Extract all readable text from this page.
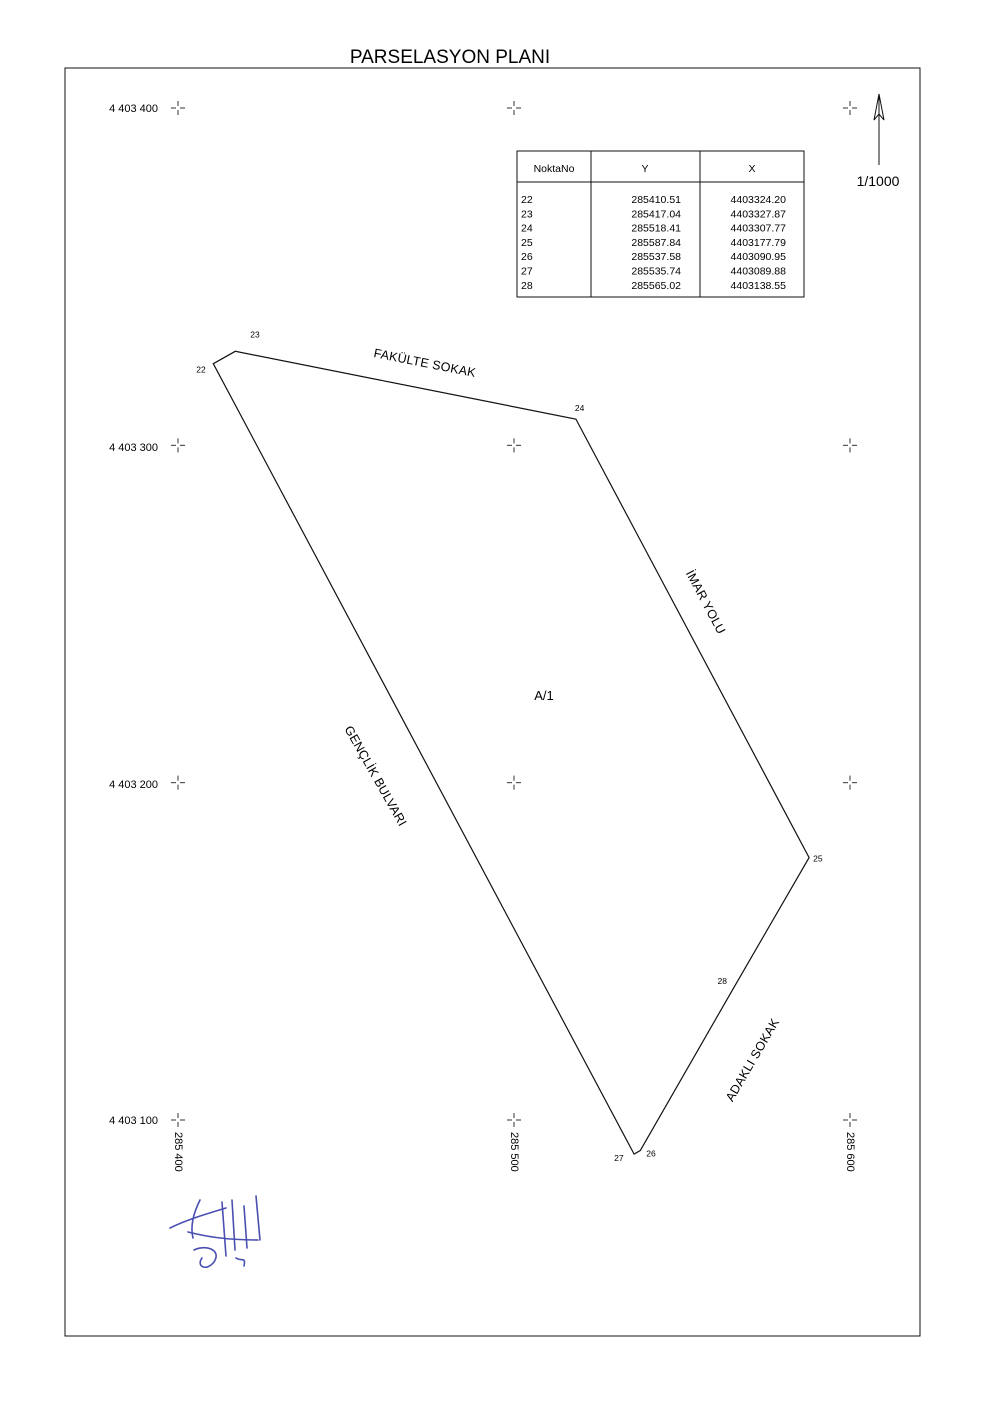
PARSELASYON PLANI
4 403 400
4 403 300
4 403 200
4 403 100
285 400	285 500	285 600
NoktaNo	Y	X
22	285410.51	4403324.20
23	285417.04	4403327.87
24	285518.41	4403307.77
25	285587.84	4403177.79
26	285537.58	4403090.95
27	285535.74	4403089.88
28	285565.02	4403138.55
1/1000
22
23
24
25
28
26
27
A/1
FAKÜLTE SOKAK
İMAR YOLU
GENÇLİK BULVARI
ADAKLI SOKAK
